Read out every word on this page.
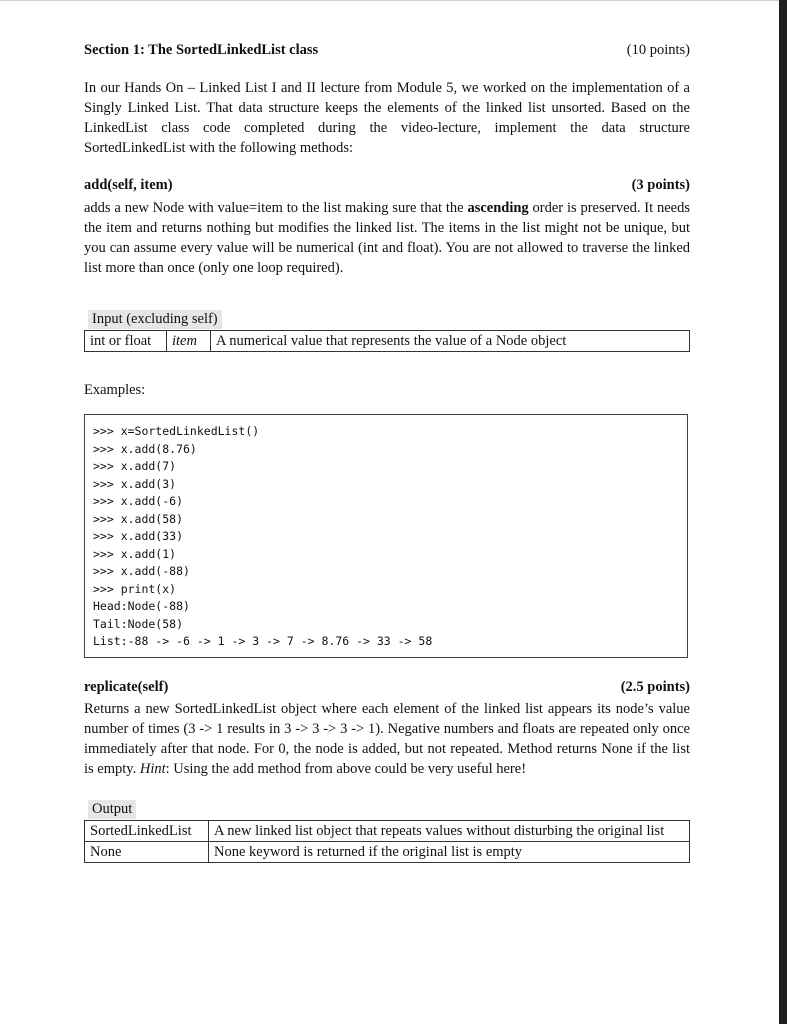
Section 1: The SortedLinkedList class	(10 points)

In our Hands On – Linked List I and II lecture from Module 5, we worked on the implementation of a Singly Linked List. That data structure keeps the elements of the linked list unsorted. Based on the LinkedList class code completed during the video-lecture, implement the data structure SortedLinkedList with the following methods:

add(self, item)	(3 points)

adds a new Node with value=item to the list making sure that the ascending order is preserved. It needs the item and returns nothing but modifies the linked list. The items in the list might not be unique, but you can assume every value will be numerical (int and float). You are not allowed to traverse the linked list more than once (only one loop required).

Input (excluding self)
int or float	item	A numerical value that represents the value of a Node object
Examples:
>>> x=SortedLinkedList()
>>> x.add(8.76)
>>> x.add(7)
>>> x.add(3)
>>> x.add(-6)
>>> x.add(58)
>>> x.add(33)
>>> x.add(1)
>>> x.add(-88)
>>> print(x)
Head:Node(-88)
Tail:Node(58)
List:-88 -> -6 -> 1 -> 3 -> 7 -> 8.76 -> 33 -> 58
replicate(self)	(2.5 points)

Returns a new SortedLinkedList object where each element of the linked list appears its node’s value number of times (3 -> 1 results in 3 -> 3 -> 3 -> 1). Negative numbers and floats are repeated only once immediately after that node. For 0, the node is added, but not repeated. Method returns None if the list is empty. Hint: Using the add method from above could be very useful here!

Output
SortedLinkedList	A new linked list object that repeats values without disturbing the original list
None	None keyword is returned if the original list is empty
